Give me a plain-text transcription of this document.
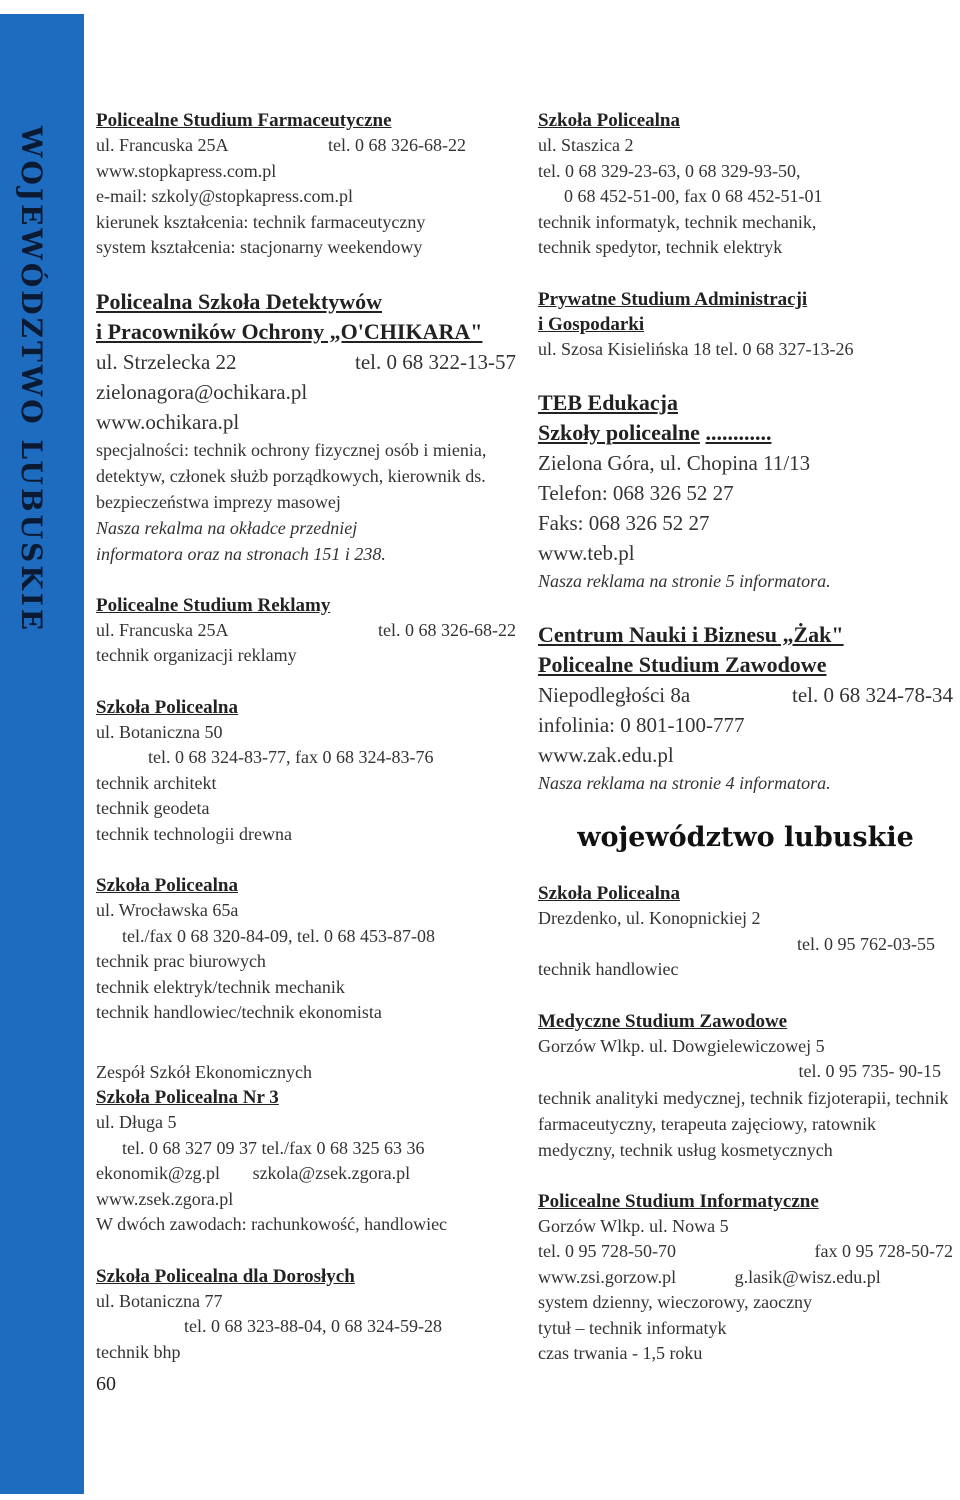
WOJEWÓDZTWO LUBUSKIE
Policealne Studium Farmaceutyczne
ul. Francuska 25A	tel. 0 68 326-68-22
www.stopkapress.com.pl
e-mail: szkoly@stopkapress.com.pl
kierunek kształcenia: technik farmaceutyczny
system kształcenia: stacjonarny weekendowy
Policealna Szkoła Detektywów
i Pracowników Ochrony „O'CHIKARA"
ul. Strzelecka 22	tel. 0 68 322-13-57
zielonagora@ochikara.pl
www.ochikara.pl
specjalności: technik ochrony fizycznej osób i mienia, detektyw, członek służb porządkowych, kierownik ds. bezpieczeństwa imprezy masowej
Nasza rekalma na okładce przedniej
informatora oraz na stronach 151 i 238.
Policealne Studium Reklamy
ul. Francuska 25A	tel. 0 68 326-68-22
technik organizacji reklamy
Szkoła Policealna
ul. Botaniczna 50
tel. 0 68 324-83-77, fax 0 68 324-83-76
technik architekt
technik geodeta
technik technologii drewna
Szkoła Policealna
ul. Wrocławska 65a
tel./fax 0 68 320-84-09, tel. 0 68 453-87-08
technik prac biurowych
technik elektryk/technik mechanik
technik handlowiec/technik ekonomista
Zespół Szkół Ekonomicznych
Szkoła Policealna Nr 3
ul. Długa 5
tel. 0 68 327 09 37 tel./fax 0 68 325 63 36
ekonomik@zg.pl szkola@zsek.zgora.pl
www.zsek.zgora.pl
W dwóch zawodach: rachunkowość, handlowiec
Szkoła Policealna dla Dorosłych
ul. Botaniczna 77
tel. 0 68 323-88-04, 0 68 324-59-28
technik bhp
60
Szkoła Policealna
ul. Staszica 2
tel. 0 68 329-23-63, 0 68 329-93-50,
0 68 452-51-00, fax 0 68 452-51-01
technik informatyk, technik mechanik,
technik spedytor, technik elektryk
Prywatne Studium Administracji
i Gospodarki
ul. Szosa Kisielińska 18 tel. 0 68 327-13-26
TEB Edukacja
Szkoły policealne ............
Zielona Góra, ul. Chopina 11/13
Telefon: 068 326 52 27
Faks: 068 326 52 27
www.teb.pl
Nasza reklama na stronie 5 informatora.
Centrum Nauki i Biznesu „Żak"
Policealne Studium Zawodowe
Niepodległości 8a	tel. 0 68 324-78-34
infolinia: 0 801-100-777
www.zak.edu.pl
Nasza reklama na stronie 4 informatora.
województwo lubuskie
Szkoła Policealna
Drezdenko, ul. Konopnickiej 2
tel. 0 95 762-03-55
technik handlowiec
Medyczne Studium Zawodowe
Gorzów Wlkp. ul. Dowgielewiczowej 5
tel. 0 95 735- 90-15
technik analityki medycznej, technik fizjoterapii, technik farmaceutyczny, terapeuta zajęciowy, ratownik medyczny, technik usług kosmetycznych
Policealne Studium Informatyczne
Gorzów Wlkp. ul. Nowa 5
tel. 0 95 728-50-70	fax 0 95 728-50-72
www.zsi.gorzow.pl	g.lasik@wisz.edu.pl
system dzienny, wieczorowy, zaoczny
tytuł – technik informatyk
czas trwania - 1,5 roku
